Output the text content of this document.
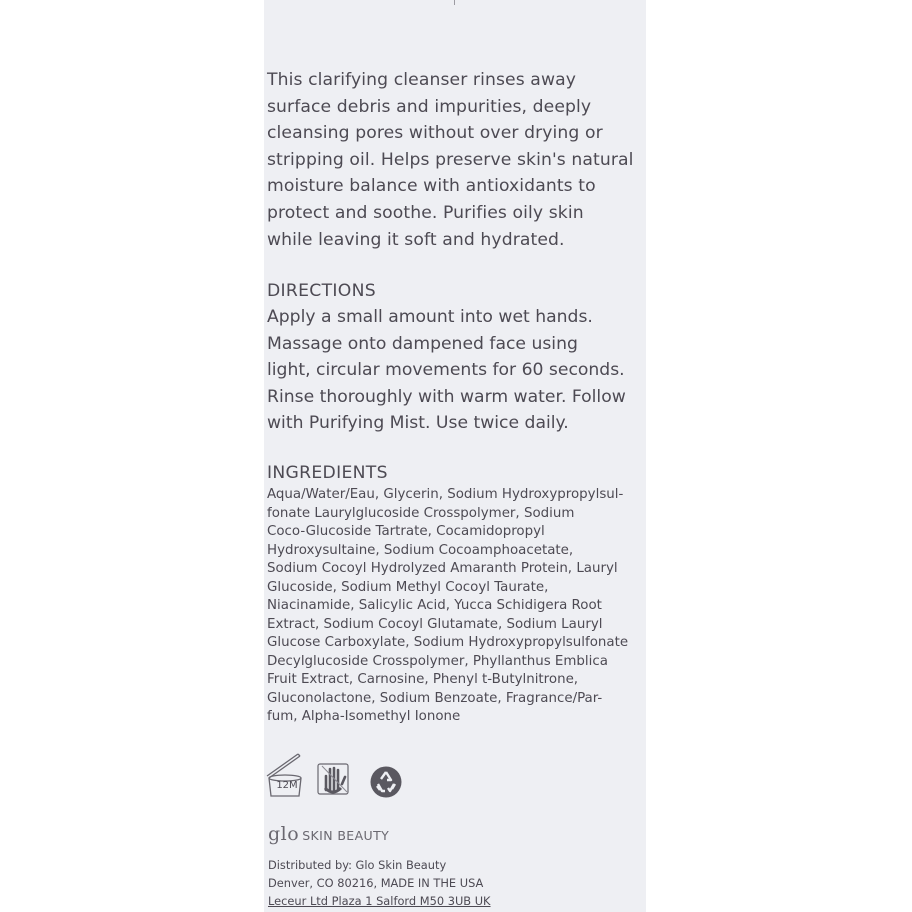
This clarifying cleanser rinses away
surface debris and impurities, deeply
cleansing pores without over drying or
stripping oil. Helps preserve skin's natural
moisture balance with antioxidants to
protect and soothe. Purifies oily skin
while leaving it soft and hydrated.
DIRECTIONS
Apply a small amount into wet hands.
Massage onto dampened face using
light, circular movements for 60 seconds.
Rinse thoroughly with warm water. Follow
with Purifying Mist. Use twice daily.
INGREDIENTS
Aqua/Water/Eau, Glycerin, Sodium Hydroxypropylsul-
fonate Laurylglucoside Crosspolymer, Sodium
Coco-Glucoside Tartrate, Cocamidopropyl
Hydroxysultaine, Sodium Cocoamphoacetate,
Sodium Cocoyl Hydrolyzed Amaranth Protein, Lauryl
Glucoside, Sodium Methyl Cocoyl Taurate,
Niacinamide, Salicylic Acid, Yucca Schidigera Root
Extract, Sodium Cocoyl Glutamate, Sodium Lauryl
Glucose Carboxylate, Sodium Hydroxypropylsulfonate
Decylglucoside Crosspolymer, Phyllanthus Emblica
Fruit Extract, Carnosine, Phenyl t-Butylnitrone,
Gluconolactone, Sodium Benzoate, Fragrance/Par-
fum, Alpha-Isomethyl Ionone
12M
glo SKIN BEAUTY
Distributed by: Glo Skin Beauty
Denver, CO 80216, MADE IN THE USA
Leceur Ltd Plaza 1 Salford M50 3UB UK
